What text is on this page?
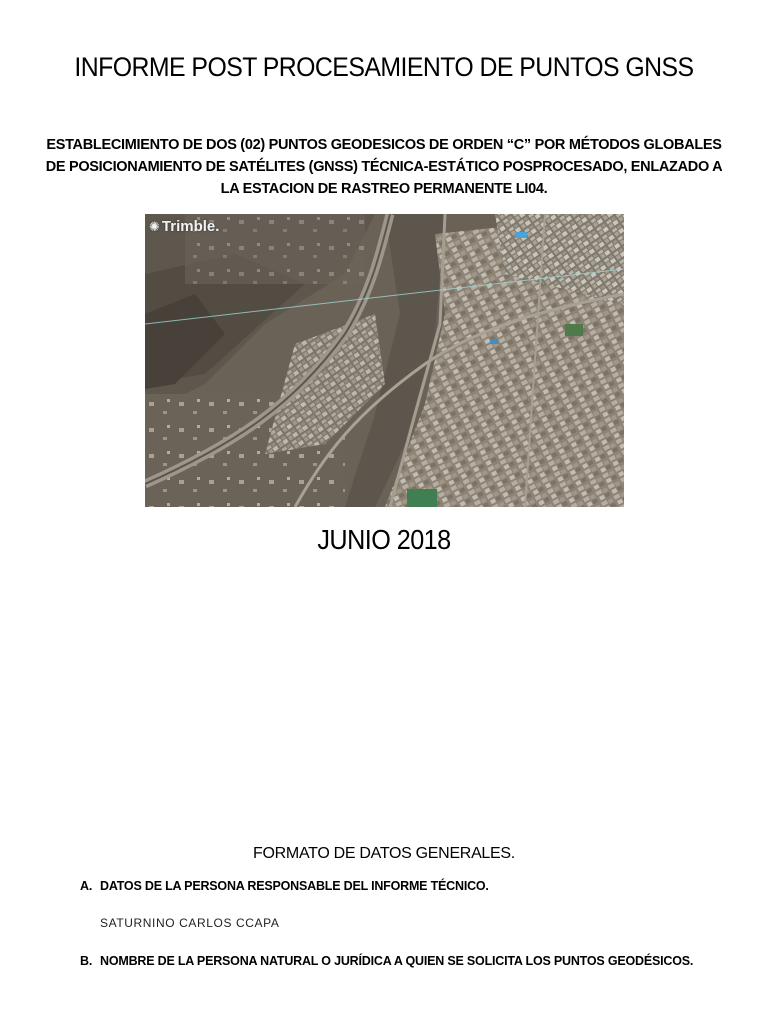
INFORME POST PROCESAMIENTO DE PUNTOS GNSS
ESTABLECIMIENTO DE DOS (02) PUNTOS GEODESICOS DE ORDEN “C” POR MÉTODOS GLOBALES DE POSICIONAMIENTO DE SATÉLITES (GNSS) TÉCNICA-ESTÁTICO POSPROCESADO, ENLAZADO A LA ESTACION DE RASTREO PERMANENTE LI04.
✺ Trimble.
JUNIO 2018
FORMATO DE DATOS GENERALES.
A. DATOS DE LA PERSONA RESPONSABLE DEL INFORME TÉCNICO.
SATURNINO CARLOS CCAPA
B. NOMBRE DE LA PERSONA NATURAL O JURÍDICA A QUIEN SE SOLICITA LOS PUNTOS GEODÉSICOS.
